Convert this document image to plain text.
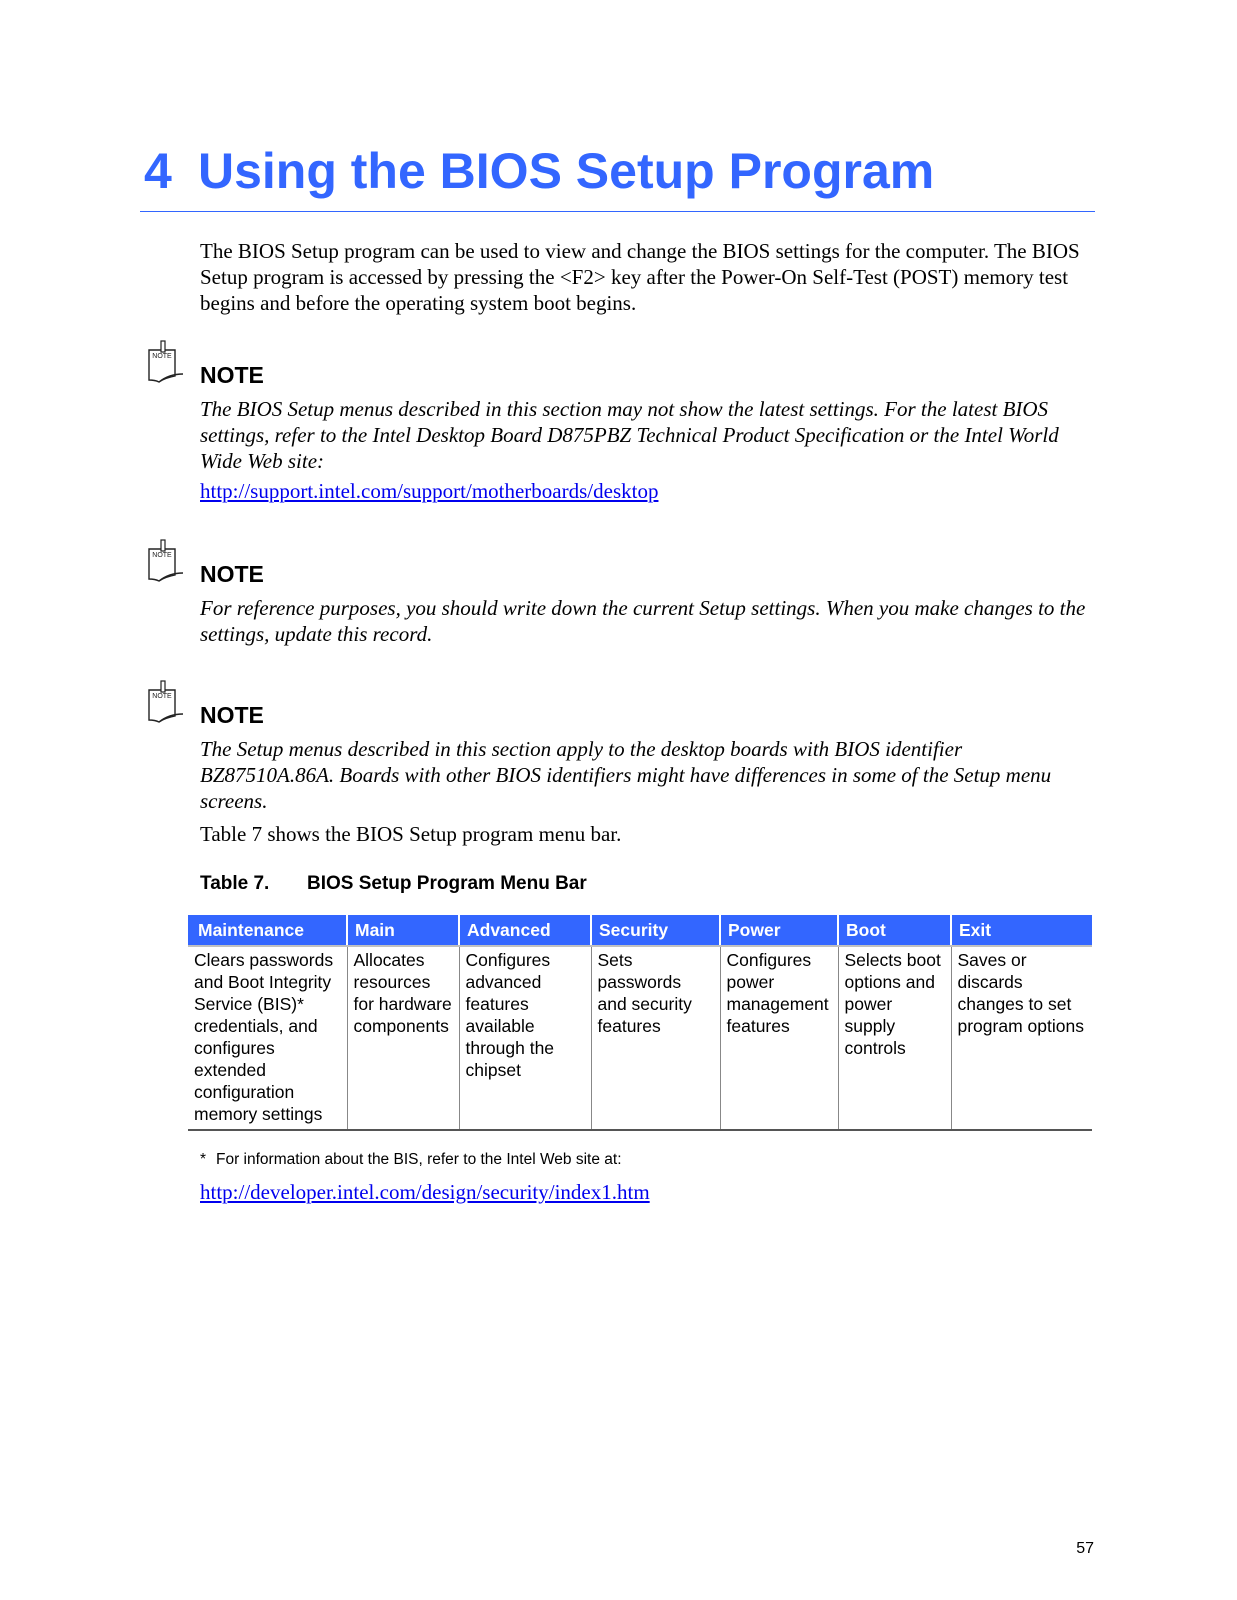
4 Using the BIOS Setup Program

The BIOS Setup program can be used to view and change the BIOS settings for the computer. The BIOS Setup program is accessed by pressing the <F2> key after the Power-On Self-Test (POST) memory test begins and before the operating system boot begins.

NOTE

NOTE

The BIOS Setup menus described in this section may not show the latest settings. For the latest BIOS settings, refer to the Intel Desktop Board D875PBZ Technical Product Specification or the Intel World Wide Web site:

http://support.intel.com/support/motherboards/desktop

NOTE

NOTE

For reference purposes, you should write down the current Setup settings. When you make changes to the settings, update this record.

NOTE

NOTE

The Setup menus described in this section apply to the desktop boards with BIOS identifier BZ87510A.86A. Boards with other BIOS identifiers might have differences in some of the Setup menu screens.

Table 7 shows the BIOS Setup program menu bar.

Table 7. BIOS Setup Program Menu Bar

Maintenance	Main	Advanced	Security	Power	Boot	Exit
Clears passwords and Boot Integrity Service (BIS)* credentials, and configures extended configuration memory settings	Allocates resources for hardware components	Configures advanced features available through the chipset	Sets passwords and security features	Configures power management features	Selects boot options and power supply controls	Saves or discards changes to set program options

* For information about the BIS, refer to the Intel Web site at:

http://developer.intel.com/design/security/index1.htm

57
